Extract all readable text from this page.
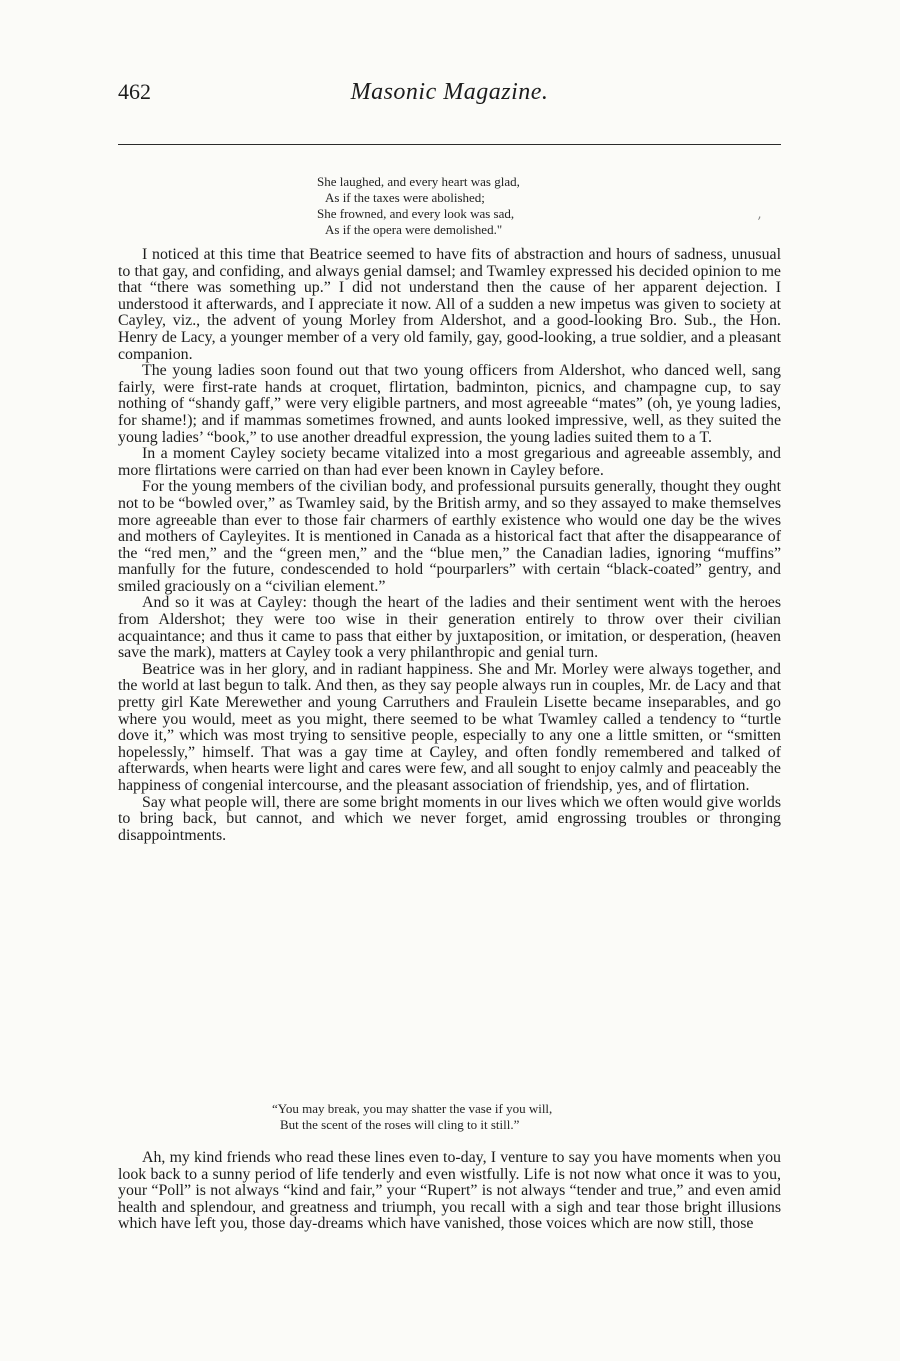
462	Masonic Magazine.
She laughed, and every heart was glad,
As if the taxes were abolished;
She frowned, and every look was sad,
As if the opera were demolished."

I noticed at this time that Beatrice seemed to have fits of abstraction and hours of sadness, unusual to that gay, and confiding, and always genial damsel; and Twamley expressed his decided opinion to me that “there was something up.” I did not understand then the cause of her apparent dejection. I understood it afterwards, and I appreciate it now. All of a sudden a new impetus was given to society at Cayley, viz., the advent of young Morley from Aldershot, and a good-looking Bro. Sub., the Hon. Henry de Lacy, a younger member of a very old family, gay, good-looking, a true soldier, and a pleasant companion.

The young ladies soon found out that two young officers from Aldershot, who danced well, sang fairly, were first-rate hands at croquet, flirtation, badminton, picnics, and champagne cup, to say nothing of “shandy gaff,” were very eligible partners, and most agreeable “mates” (oh, ye young ladies, for shame!); and if mammas sometimes frowned, and aunts looked impressive, well, as they suited the young ladies’ “book,” to use another dreadful expression, the young ladies suited them to a T.

In a moment Cayley society became vitalized into a most gregarious and agreeable assembly, and more flirtations were carried on than had ever been known in Cayley before.

For the young members of the civilian body, and professional pursuits generally, thought they ought not to be “bowled over,” as Twamley said, by the British army, and so they assayed to make themselves more agreeable than ever to those fair charmers of earthly existence who would one day be the wives and mothers of Cayleyites. It is mentioned in Canada as a historical fact that after the disappearance of the “red men,” and the “green men,” and the “blue men,” the Canadian ladies, ignoring “muffins” manfully for the future, condescended to hold “pourparlers” with certain “black-coated” gentry, and smiled graciously on a “civilian element.”

And so it was at Cayley: though the heart of the ladies and their sentiment went with the heroes from Aldershot; they were too wise in their generation entirely to throw over their civilian acquaintance; and thus it came to pass that either by juxtaposition, or imitation, or desperation, (heaven save the mark), matters at Cayley took a very philanthropic and genial turn.

Beatrice was in her glory, and in radiant happiness. She and Mr. Morley were always together, and the world at last begun to talk. And then, as they say people always run in couples, Mr. de Lacy and that pretty girl Kate Merewether and young Carruthers and Fraulein Lisette became inseparables, and go where you would, meet as you might, there seemed to be what Twamley called a tendency to “turtle dove it,” which was most trying to sensitive people, especially to any one a little smitten, or “smitten hopelessly,” himself. That was a gay time at Cayley, and often fondly remembered and talked of afterwards, when hearts were light and cares were few, and all sought to enjoy calmly and peaceably the happiness of congenial intercourse, and the pleasant association of friendship, yes, and of flirtation.

Say what people will, there are some bright moments in our lives which we often would give worlds to bring back, but cannot, and which we never forget, amid engrossing troubles or thronging disappointments.

“You may break, you may shatter the vase if you will,
But the scent of the roses will cling to it still.”

Ah, my kind friends who read these lines even to-day, I venture to say you have moments when you look back to a sunny period of life tenderly and even wistfully. Life is not now what once it was to you, your “Poll” is not always “kind and fair,” your “Rupert” is not always “tender and true,” and even amid health and splendour, and greatness and triumph, you recall with a sigh and tear those bright illusions which have left you, those day-dreams which have vanished, those voices which are now still, those

’
